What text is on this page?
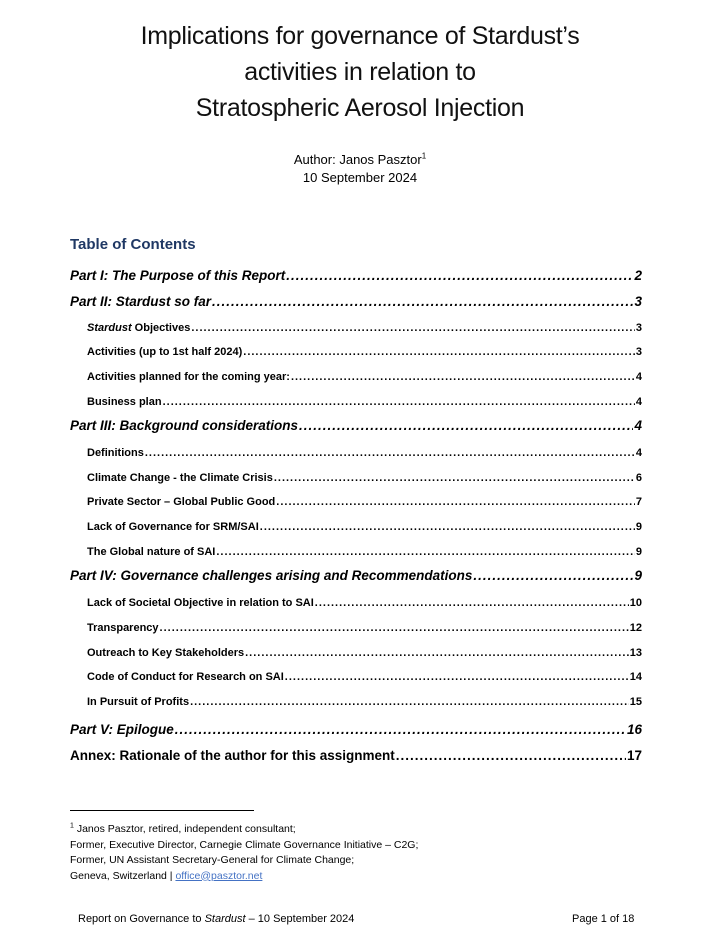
Implications for governance of Stardust’s
activities in relation to
Stratospheric Aerosol Injection
Author: Janos Pasztor$^1$
10 September 2024
Table of Contents
Part I: The Purpose of this Report .....	2
Part II: Stardust so far .....	3
Stardust Objectives .....	3
Activities (up to 1st half 2024) .....	3
Activities planned for the coming year: .....	4
Business plan .....	4
Part III: Background considerations .....	4
Definitions .....	4
Climate Change - the Climate Crisis .....	6
Private Sector – Global Public Good .....	7
Lack of Governance for SRM/SAI .....	9
The Global nature of SAI .....	9
Part IV: Governance challenges arising and Recommendations .....	9
Lack of Societal Objective in relation to SAI .....	10
Transparency .....	12
Outreach to Key Stakeholders .....	13
Code of Conduct for Research on SAI .....	14
In Pursuit of Profits .....	15
Part V: Epilogue .....	16
Annex: Rationale of the author for this assignment .....	17
$^1$ Janos Pasztor, retired, independent consultant;
Former, Executive Director, Carnegie Climate Governance Initiative – C2G;
Former, UN Assistant Secretary-General for Climate Change;
Geneva, Switzerland | office@pasztor.net
Report on Governance to Stardust – 10 September 2024	Page 1 of 18
